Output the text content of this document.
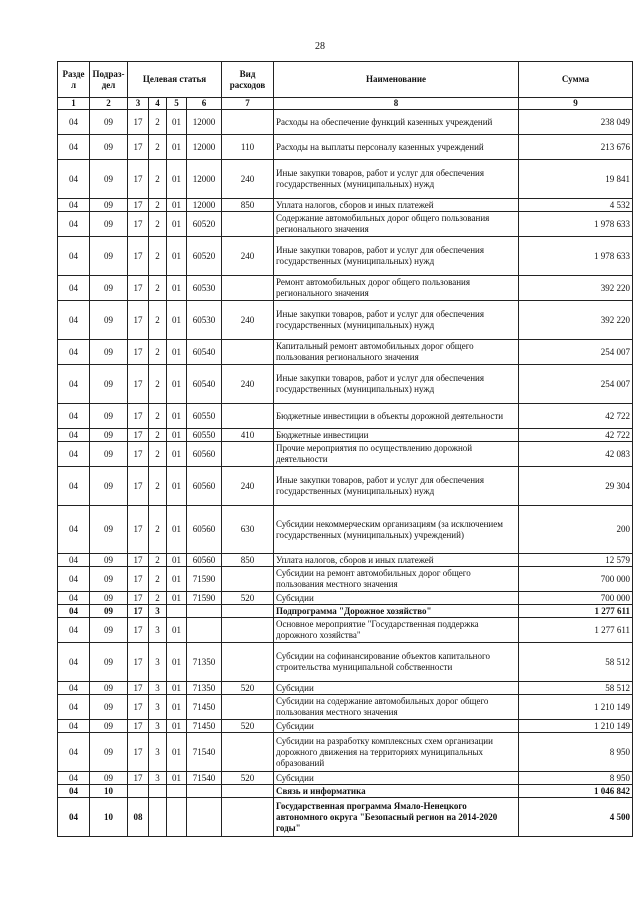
28
Разде л	Подраз- дел	Целевая статья				Вид расходов	Наименование	Сумма
1	2	3	4	5	6	7	8	9
04	09	17	2	01	12000		Расходы на обеспечение функций казенных учреждений	238 049
04	09	17	2	01	12000	110	Расходы на выплаты персоналу казенных учреждений	213 676
04	09	17	2	01	12000	240	Иные закупки товаров, работ и услуг для обеспечения государственных (муниципальных) нужд	19 841
04	09	17	2	01	12000	850	Уплата налогов, сборов и иных платежей	4 532
04	09	17	2	01	60520		Содержание автомобильных дорог общего пользования регионального значения	1 978 633
04	09	17	2	01	60520	240	Иные закупки товаров, работ и услуг для обеспечения государственных (муниципальных) нужд	1 978 633
04	09	17	2	01	60530		Ремонт автомобильных дорог общего пользования регионального значения	392 220
04	09	17	2	01	60530	240	Иные закупки товаров, работ и услуг для обеспечения государственных (муниципальных) нужд	392 220
04	09	17	2	01	60540		Капитальный ремонт автомобильных дорог общего пользования регионального значения	254 007
04	09	17	2	01	60540	240	Иные закупки товаров, работ и услуг для обеспечения государственных (муниципальных) нужд	254 007
04	09	17	2	01	60550		Бюджетные инвестиции в объекты дорожной деятельности	42 722
04	09	17	2	01	60550	410	Бюджетные инвестиции	42 722
04	09	17	2	01	60560		Прочие мероприятия по осуществлению дорожной деятельности	42 083
04	09	17	2	01	60560	240	Иные закупки товаров, работ и услуг для обеспечения государственных (муниципальных) нужд	29 304
04	09	17	2	01	60560	630	Субсидии некоммерческим организациям (за исключением государственных (муниципальных) учреждений)	200
04	09	17	2	01	60560	850	Уплата налогов, сборов и иных платежей	12 579
04	09	17	2	01	71590		Субсидии на ремонт автомобильных дорог общего пользования местного значения	700 000
04	09	17	2	01	71590	520	Субсидии	700 000
04	09	17	3				Подпрограмма "Дорожное хозяйство"	1 277 611
04	09	17	3	01			Основное мероприятие "Государственная поддержка дорожного хозяйства"	1 277 611
04	09	17	3	01	71350		Субсидии на софинансирование объектов капитального строительства муниципальной собственности	58 512
04	09	17	3	01	71350	520	Субсидии	58 512
04	09	17	3	01	71450		Субсидии на содержание автомобильных дорог общего пользования местного значения	1 210 149
04	09	17	3	01	71450	520	Субсидии	1 210 149
04	09	17	3	01	71540		Субсидии на разработку комплексных схем организации дорожного движения на территориях муниципальных образований	8 950
04	09	17	3	01	71540	520	Субсидии	8 950
04	10						Связь и информатика	1 046 842
04	10	08					Государственная программа Ямало-Ненецкого автономного округа "Безопасный регион на 2014-2020 годы"	4 500
